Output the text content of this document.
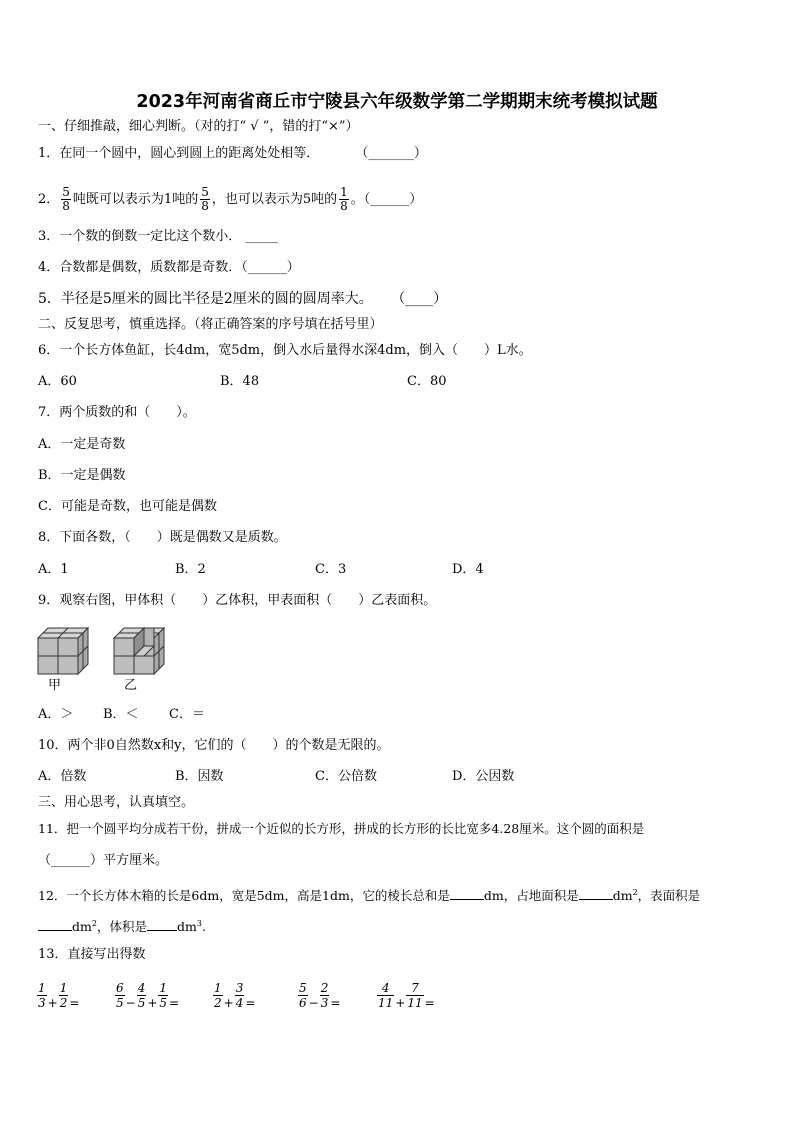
2023年河南省商丘市宁陵县六年级数学第二学期期末统考模拟试题
一、仔细推敲，细心判断。（对的打“ √ ”，错的打“×”）
1．在同一个圆中，圆心到圆上的距离处处相等．	（_______）
2． $\frac{5}{8}$ 吨既可以表示为1吨的 $\frac{5}{8}$ ，也可以表示为5吨的 $\frac{1}{8}$ 。（______）
3．一个数的倒数一定比这个数小． _____
4．合数都是偶数，质数都是奇数．（______）
5．半径是5厘米的圆比半径是2厘米的圆的圆周率大。 （____）
二、反复思考，慎重选择。（将正确答案的序号填在括号里）
6．一个长方体鱼缸，长4dm，宽5dm，倒入水后量得水深4dm，倒入（　　）L水。
A．60	B．48	C．80
7．两个质数的和（　　）。
A．一定是奇数
B．一定是偶数
C．可能是奇数，也可能是偶数
8．下面各数，（　　）既是偶数又是质数。
A．1	B．2	C．3	D．4
9．观察右图，甲体积（　　）乙体积，甲表面积（　　）乙表面积。
甲	乙
A．＞ B．＜ C．＝
10．两个非0自然数x和y，它们的（　　）的个数是无限的。
A．倍数	B．因数	C．公倍数	D．公因数
三、用心思考，认真填空。
11．把一个圆平均分成若干份，拼成一个近似的长方形，拼成的长方形的长比宽多4.28厘米。这个圆的面积是
（______）平方厘米。
12．一个长方体木箱的长是6dm，宽是5dm，高是1dm，它的棱长总和是	dm，占地面积是	$dm^2$，表面积是
$dm^2$，体积是 $dm^3$.
13．直接写出得数
$\frac{1}{3} + \frac{1}{2}$ =	$\frac{6}{5} - \frac{4}{5} + \frac{1}{5}$ =	$\frac{1}{2} + \frac{3}{4}$ =	$\frac{5}{6} - \frac{2}{3}$ =	$\frac{4}{11} + \frac{7}{11}$ =
